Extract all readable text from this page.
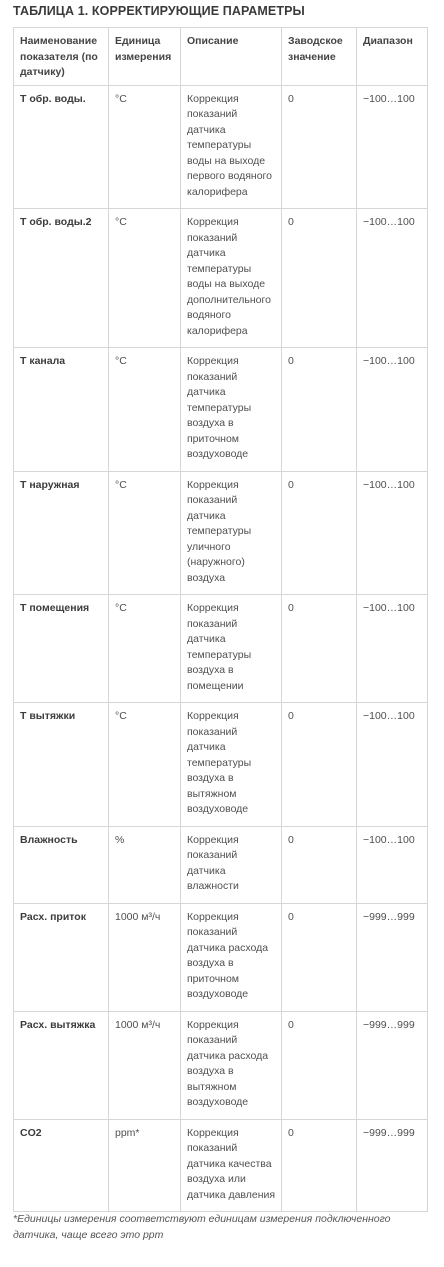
ТАБЛИЦА 1. КОРРЕКТИРУЮЩИЕ ПАРАМЕТРЫ
Наименование показателя (по датчику)	Единица измерения	Описание	Заводское значение	Диапазон
Т обр. воды.	°C	Коррекция показаний датчика температуры воды на выходе первого водяного калорифера	0	−100…100
Т обр. воды.2	°C	Коррекция показаний датчика температуры воды на выходе дополнительного водяного калорифера	0	−100…100
Т канала	°C	Коррекция показаний датчика температуры воздуха в приточном воздуховоде	0	−100…100
Т наружная	°C	Коррекция показаний датчика температуры уличного (наружного) воздуха	0	−100…100
Т помещения	°C	Коррекция показаний датчика температуры воздуха в помещении	0	−100…100
Т вытяжки	°C	Коррекция показаний датчика температуры воздуха в вытяжном воздуховоде	0	−100…100
Влажность	%	Коррекция показаний датчика влажности	0	−100…100
Расх. приток	1000 м³/ч	Коррекция показаний датчика расхода воздуха в приточном воздуховоде	0	−999…999
Расх. вытяжка	1000 м³/ч	Коррекция показаний датчика расхода воздуха в вытяжном воздуховоде	0	−999…999
CO2	ppm*	Коррекция показаний датчика качества воздуха или датчика давления	0	−999…999
*Единицы измерения соответствуют единицам измерения подключенного датчика, чаще всего это ppm
